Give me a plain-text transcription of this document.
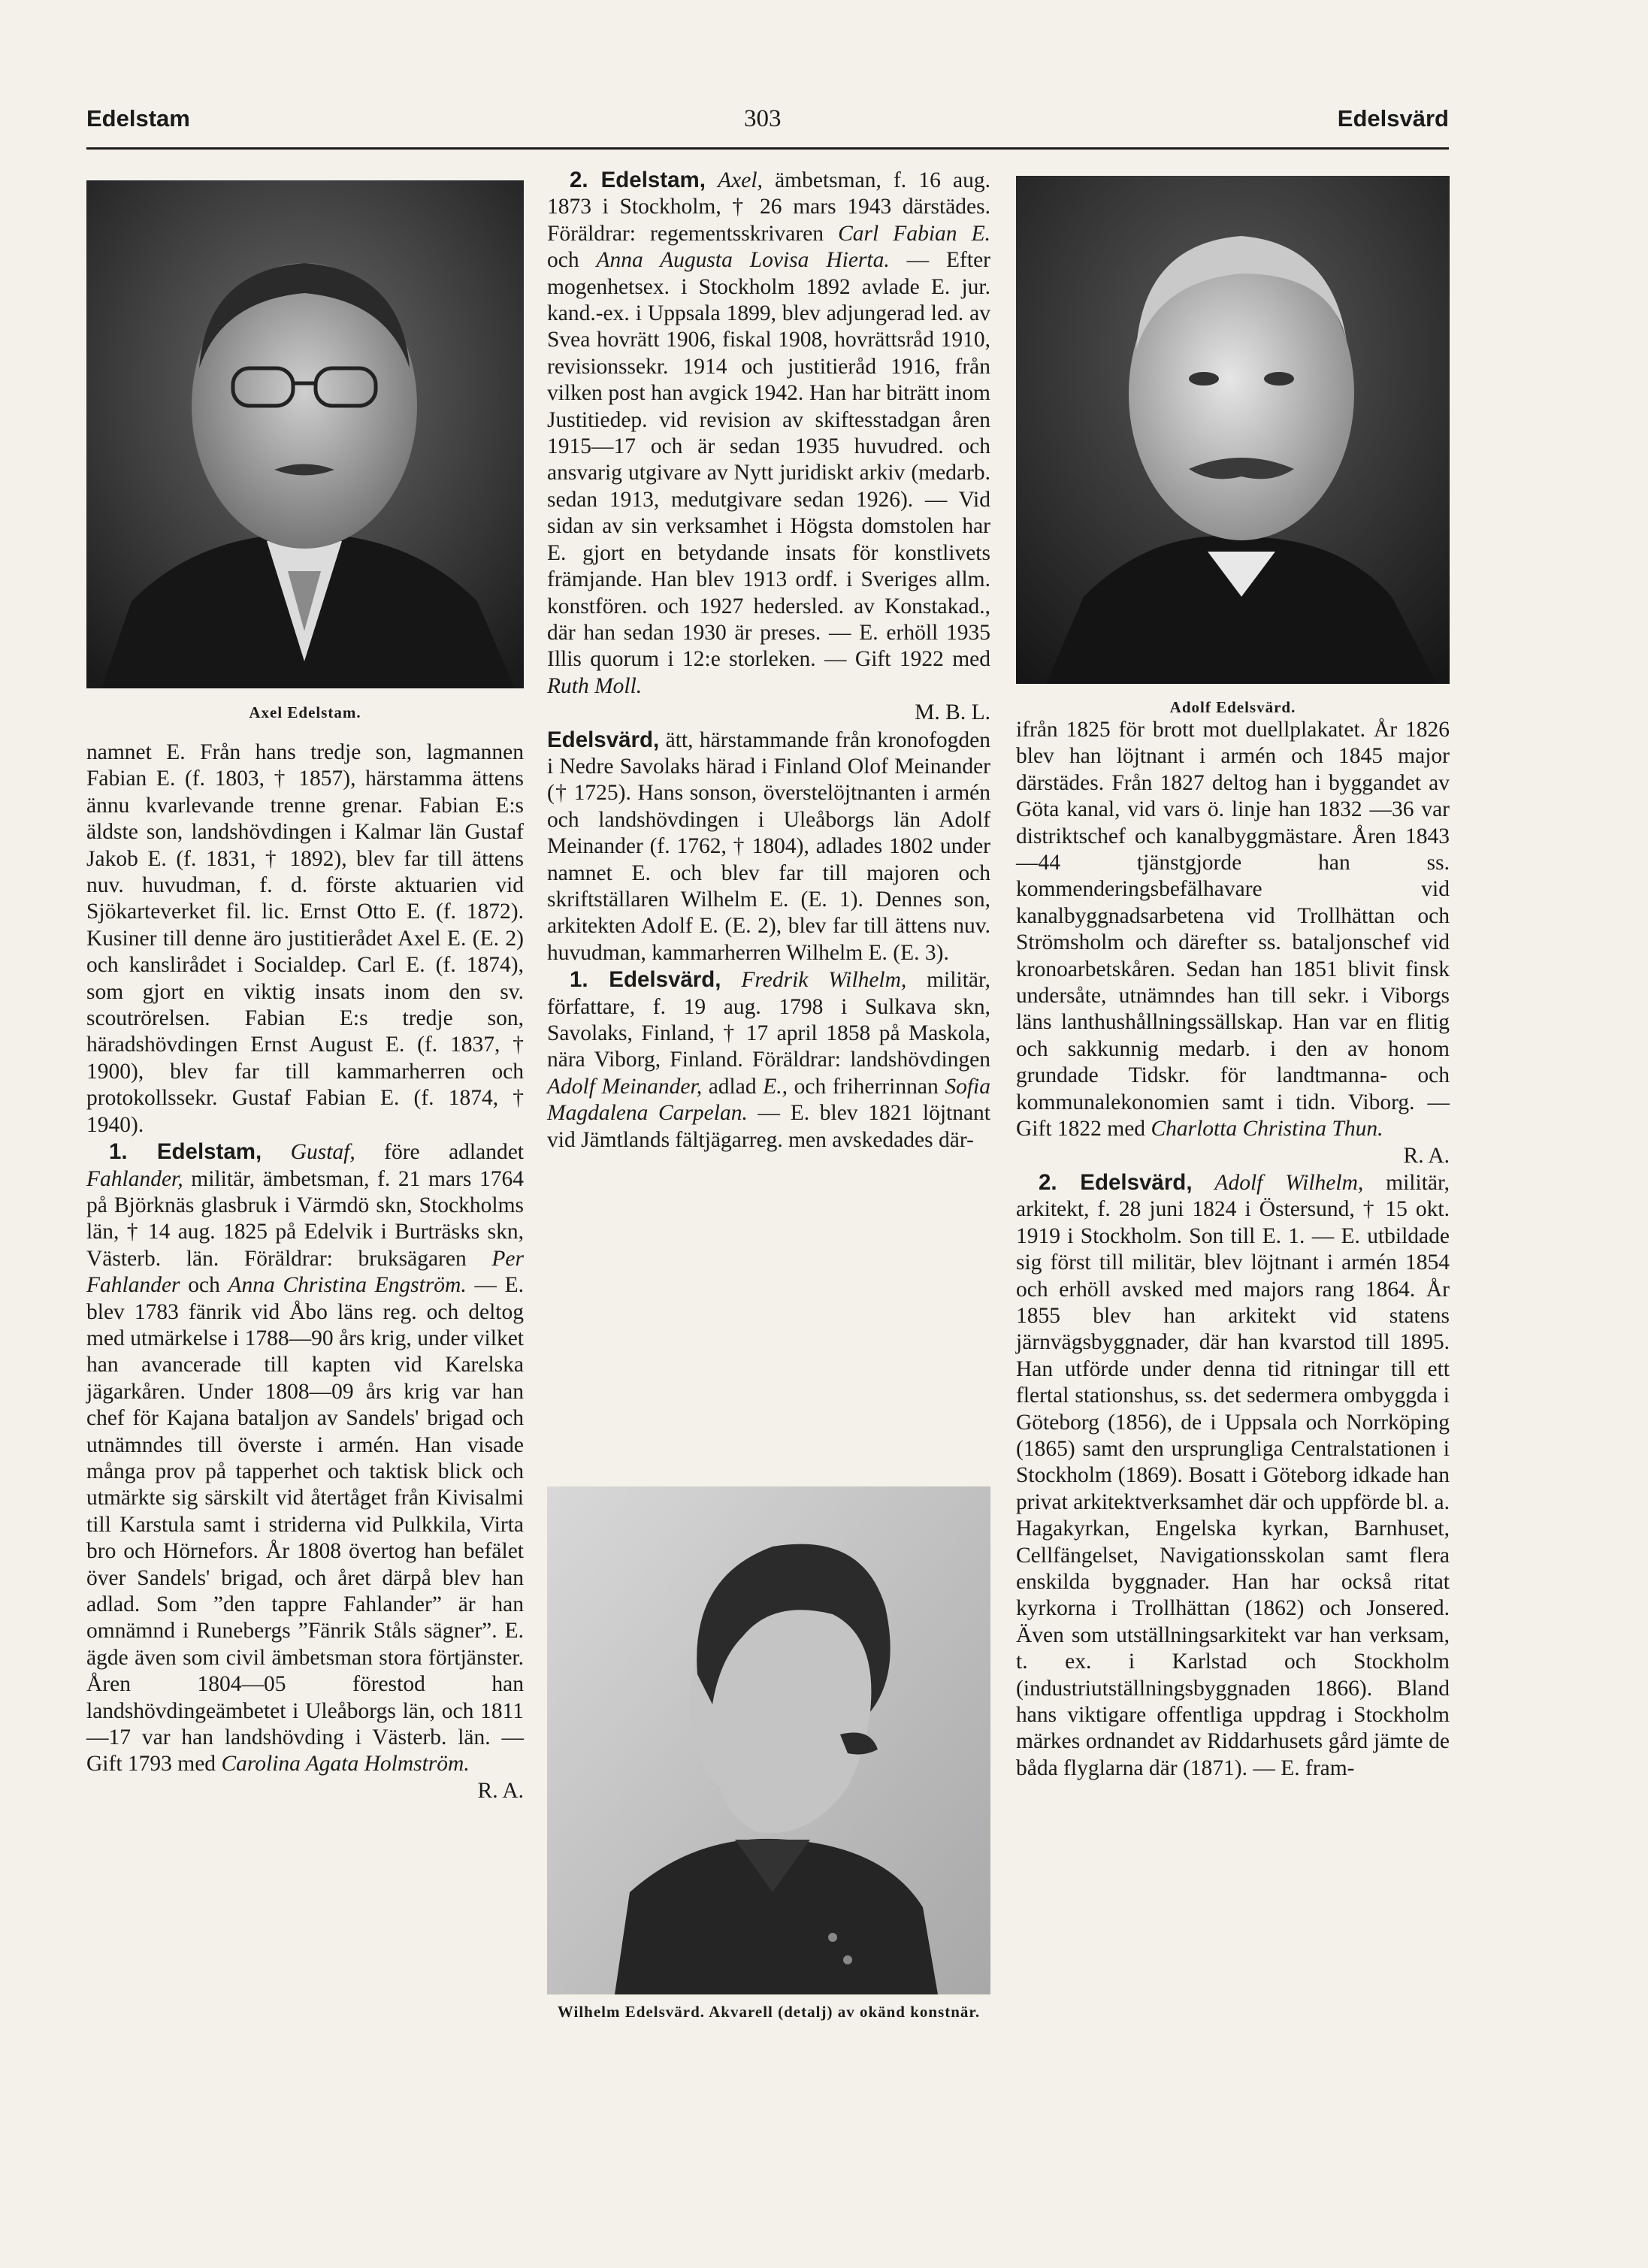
Edelstam	303	Edelsvärd
Axel Edelstam.	Adolf Edelsvärd.
Wilhelm Edelsvärd. Akvarell (detalj) av okänd konstnär.

namnet E. Från hans tredje son, lagmannen Fabian E. (f. 1803, † 1857), härstamma ättens ännu kvarlevande trenne grenar. Fabian E:s äldste son, landshövdingen i Kalmar län Gustaf Jakob E. (f. 1831, † 1892), blev far till ättens nuv. huvudman, f. d. förste aktuarien vid Sjökarteverket fil. lic. Ernst Otto E. (f. 1872). Kusiner till denne äro justitierådet Axel E. (E. 2) och kanslirådet i Socialdep. Carl E. (f. 1874), som gjort en viktig insats inom den sv. scoutrörelsen. Fabian E:s tredje son, häradshövdingen Ernst August E. (f. 1837, † 1900), blev far till kammarherren och protokollssekr. Gustaf Fabian E. (f. 1874, † 1940).

1. Edelstam, Gustaf, före adlandet Fahlander, militär, ämbetsman, f. 21 mars 1764 på Björknäs glasbruk i Värmdö skn, Stockholms län, † 14 aug. 1825 på Edelvik i Burträsks skn, Västerb. län. Föräldrar: bruksägaren Per Fahlander och Anna Christina Engström. — E. blev 1783 fänrik vid Åbo läns reg. och deltog med utmärkelse i 1788—90 års krig, under vilket han avancerade till kapten vid Karelska jägarkåren. Under 1808—09 års krig var han chef för Kajana bataljon av Sandels' brigad och utnämndes till överste i armén. Han visade många prov på tapperhet och taktisk blick och utmärkte sig särskilt vid återtåget från Kivisalmi till Karstula samt i striderna vid Pulkkila, Virta bro och Hörnefors. År 1808 övertog han befälet över Sandels' brigad, och året därpå blev han adlad. Som ”den tappre Fahlander” är han omnämnd i Runebergs ”Fänrik Ståls sägner”. E. ägde även som civil ämbetsman stora förtjänster. Åren 1804—05 förestod han landshövdingeämbetet i Uleåborgs län, och 1811—17 var han landshövding i Västerb. län. — Gift 1793 med Carolina Agata Holmström.
R. A.

2. Edelstam, Axel, ämbetsman, f. 16 aug. 1873 i Stockholm, † 26 mars 1943 därstädes. Föräldrar: regementsskrivaren Carl Fabian E. och Anna Augusta Lovisa Hierta. — Efter mogenhetsex. i Stockholm 1892 avlade E. jur. kand.-ex. i Uppsala 1899, blev adjungerad led. av Svea hovrätt 1906, fiskal 1908, hovrättsråd 1910, revisionssekr. 1914 och justitieråd 1916, från vilken post han avgick 1942. Han har biträtt inom Justitiedep. vid revision av skiftesstadgan åren 1915—17 och är sedan 1935 huvudred. och ansvarig utgivare av Nytt juridiskt arkiv (medarb. sedan 1913, medutgivare sedan 1926). — Vid sidan av sin verksamhet i Högsta domstolen har E. gjort en betydande insats för konstlivets främjande. Han blev 1913 ordf. i Sveriges allm. konstfören. och 1927 hedersled. av Konstakad., där han sedan 1930 är preses. — E. erhöll 1935 Illis quorum i 12:e storleken. — Gift 1922 med Ruth Moll.
M. B. L.

Edelsvärd, ätt, härstammande från kronofogden i Nedre Savolaks härad i Finland Olof Meinander († 1725). Hans sonson, överstelöjtnanten i armén och landshövdingen i Uleåborgs län Adolf Meinander (f. 1762, † 1804), adlades 1802 under namnet E. och blev far till majoren och skriftställaren Wilhelm E. (E. 1). Dennes son, arkitekten Adolf E. (E. 2), blev far till ättens nuv. huvudman, kammarherren Wilhelm E. (E. 3).

1. Edelsvärd, Fredrik Wilhelm, militär, författare, f. 19 aug. 1798 i Sulkava skn, Savolaks, Finland, † 17 april 1858 på Maskola, nära Viborg, Finland. Föräldrar: landshövdingen Adolf Meinander, adlad E., och friherrinnan Sofia Magdalena Carpelan. — E. blev 1821 löjtnant vid Jämtlands fältjägarreg. men avskedades där-

ifrån 1825 för brott mot duellplakatet. År 1826 blev han löjtnant i armén och 1845 major därstädes. Från 1827 deltog han i byggandet av Göta kanal, vid vars ö. linje han 1832 —36 var distriktschef och kanalbyggmästare. Åren 1843—44 tjänstgjorde han ss. kommenderingsbefälhavare vid kanalbyggnadsarbetena vid Trollhättan och Strömsholm och därefter ss. bataljonschef vid kronoarbetskåren. Sedan han 1851 blivit finsk undersåte, utnämndes han till sekr. i Viborgs läns lanthushållningssällskap. Han var en flitig och sakkunnig medarb. i den av honom grundade Tidskr. för landtmanna- och kommunalekonomien samt i tidn. Viborg. — Gift 1822 med Charlotta Christina Thun.
R. A.

2. Edelsvärd, Adolf Wilhelm, militär, arkitekt, f. 28 juni 1824 i Östersund, † 15 okt. 1919 i Stockholm. Son till E. 1. — E. utbildade sig först till militär, blev löjtnant i armén 1854 och erhöll avsked med majors rang 1864. År 1855 blev han arkitekt vid statens järnvägsbyggnader, där han kvarstod till 1895. Han utförde under denna tid ritningar till ett flertal stationshus, ss. det sedermera ombyggda i Göteborg (1856), de i Uppsala och Norrköping (1865) samt den ursprungliga Centralstationen i Stockholm (1869). Bosatt i Göteborg idkade han privat arkitektverksamhet där och uppförde bl. a. Hagakyrkan, Engelska kyrkan, Barnhuset, Cellfängelset, Navigationsskolan samt flera enskilda byggnader. Han har också ritat kyrkorna i Trollhättan (1862) och Jonsered. Även som utställningsarkitekt var han verksam, t. ex. i Karlstad och Stockholm (industriutställningsbyggnaden 1866). Bland hans viktigare offentliga uppdrag i Stockholm märkes ordnandet av Riddarhusets gård jämte de båda flyglarna där (1871). — E. fram-
